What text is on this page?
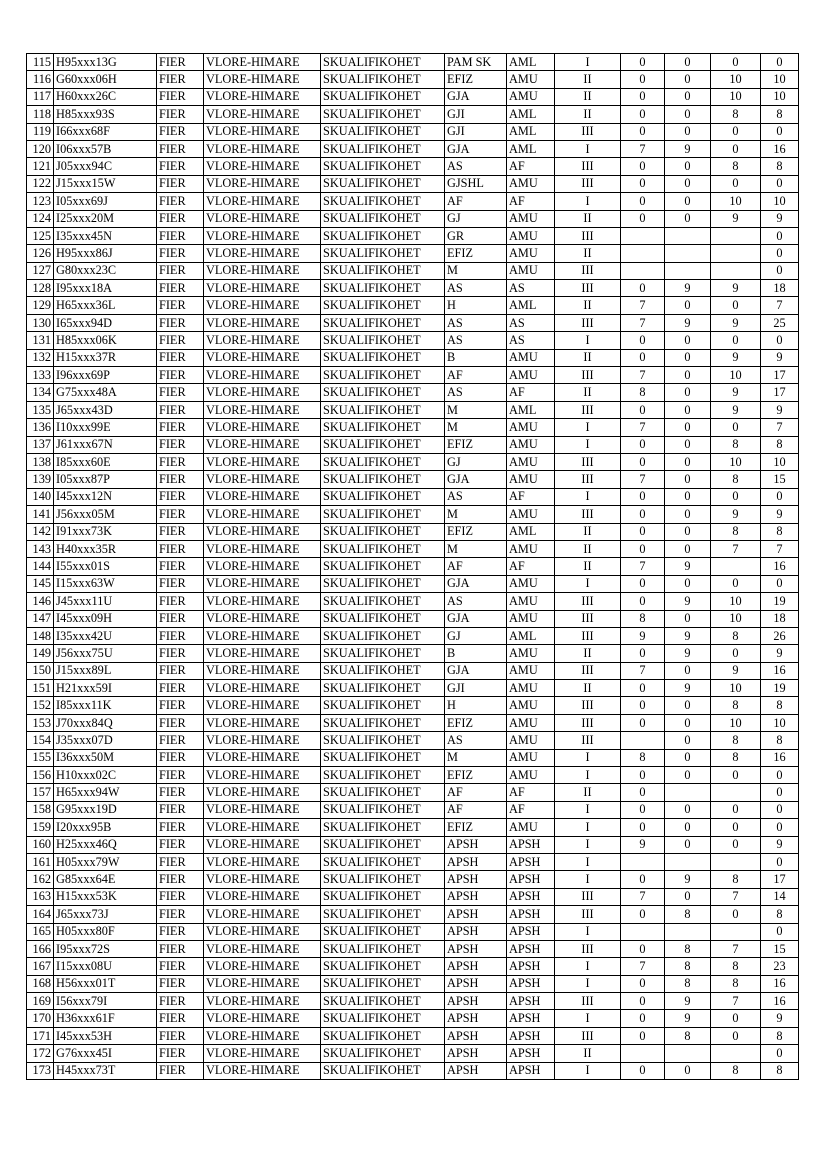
115	H95xxx13G	FIER	VLORE-HIMARE	SKUALIFIKOHET	PAM SK	AML	I	0	0	0	0
116	G60xxx06H	FIER	VLORE-HIMARE	SKUALIFIKOHET	EFIZ	AMU	II	0	0	10	10
117	H60xxx26C	FIER	VLORE-HIMARE	SKUALIFIKOHET	GJA	AMU	II	0	0	10	10
118	H85xxx93S	FIER	VLORE-HIMARE	SKUALIFIKOHET	GJI	AML	II	0	0	8	8
119	I66xxx68F	FIER	VLORE-HIMARE	SKUALIFIKOHET	GJI	AML	III	0	0	0	0
120	I06xxx57B	FIER	VLORE-HIMARE	SKUALIFIKOHET	GJA	AML	I	7	9	0	16
121	J05xxx94C	FIER	VLORE-HIMARE	SKUALIFIKOHET	AS	AF	III	0	0	8	8
122	J15xxx15W	FIER	VLORE-HIMARE	SKUALIFIKOHET	GJSHL	AMU	III	0	0	0	0
123	I05xxx69J	FIER	VLORE-HIMARE	SKUALIFIKOHET	AF	AF	I	0	0	10	10
124	I25xxx20M	FIER	VLORE-HIMARE	SKUALIFIKOHET	GJ	AMU	II	0	0	9	9
125	I35xxx45N	FIER	VLORE-HIMARE	SKUALIFIKOHET	GR	AMU	III				0
126	H95xxx86J	FIER	VLORE-HIMARE	SKUALIFIKOHET	EFIZ	AMU	II				0
127	G80xxx23C	FIER	VLORE-HIMARE	SKUALIFIKOHET	M	AMU	III				0
128	I95xxx18A	FIER	VLORE-HIMARE	SKUALIFIKOHET	AS	AS	III	0	9	9	18
129	H65xxx36L	FIER	VLORE-HIMARE	SKUALIFIKOHET	H	AML	II	7	0	0	7
130	I65xxx94D	FIER	VLORE-HIMARE	SKUALIFIKOHET	AS	AS	III	7	9	9	25
131	H85xxx06K	FIER	VLORE-HIMARE	SKUALIFIKOHET	AS	AS	I	0	0	0	0
132	H15xxx37R	FIER	VLORE-HIMARE	SKUALIFIKOHET	B	AMU	II	0	0	9	9
133	I96xxx69P	FIER	VLORE-HIMARE	SKUALIFIKOHET	AF	AMU	III	7	0	10	17
134	G75xxx48A	FIER	VLORE-HIMARE	SKUALIFIKOHET	AS	AF	II	8	0	9	17
135	J65xxx43D	FIER	VLORE-HIMARE	SKUALIFIKOHET	M	AML	III	0	0	9	9
136	I10xxx99E	FIER	VLORE-HIMARE	SKUALIFIKOHET	M	AMU	I	7	0	0	7
137	J61xxx67N	FIER	VLORE-HIMARE	SKUALIFIKOHET	EFIZ	AMU	I	0	0	8	8
138	I85xxx60E	FIER	VLORE-HIMARE	SKUALIFIKOHET	GJ	AMU	III	0	0	10	10
139	I05xxx87P	FIER	VLORE-HIMARE	SKUALIFIKOHET	GJA	AMU	III	7	0	8	15
140	I45xxx12N	FIER	VLORE-HIMARE	SKUALIFIKOHET	AS	AF	I	0	0	0	0
141	J56xxx05M	FIER	VLORE-HIMARE	SKUALIFIKOHET	M	AMU	III	0	0	9	9
142	I91xxx73K	FIER	VLORE-HIMARE	SKUALIFIKOHET	EFIZ	AML	II	0	0	8	8
143	H40xxx35R	FIER	VLORE-HIMARE	SKUALIFIKOHET	M	AMU	II	0	0	7	7
144	I55xxx01S	FIER	VLORE-HIMARE	SKUALIFIKOHET	AF	AF	II	7	9		16
145	I15xxx63W	FIER	VLORE-HIMARE	SKUALIFIKOHET	GJA	AMU	I	0	0	0	0
146	J45xxx11U	FIER	VLORE-HIMARE	SKUALIFIKOHET	AS	AMU	III	0	9	10	19
147	I45xxx09H	FIER	VLORE-HIMARE	SKUALIFIKOHET	GJA	AMU	III	8	0	10	18
148	I35xxx42U	FIER	VLORE-HIMARE	SKUALIFIKOHET	GJ	AML	III	9	9	8	26
149	J56xxx75U	FIER	VLORE-HIMARE	SKUALIFIKOHET	B	AMU	II	0	9	0	9
150	J15xxx89L	FIER	VLORE-HIMARE	SKUALIFIKOHET	GJA	AMU	III	7	0	9	16
151	H21xxx59I	FIER	VLORE-HIMARE	SKUALIFIKOHET	GJI	AMU	II	0	9	10	19
152	I85xxx11K	FIER	VLORE-HIMARE	SKUALIFIKOHET	H	AMU	III	0	0	8	8
153	J70xxx84Q	FIER	VLORE-HIMARE	SKUALIFIKOHET	EFIZ	AMU	III	0	0	10	10
154	J35xxx07D	FIER	VLORE-HIMARE	SKUALIFIKOHET	AS	AMU	III		0	8	8
155	I36xxx50M	FIER	VLORE-HIMARE	SKUALIFIKOHET	M	AMU	I	8	0	8	16
156	H10xxx02C	FIER	VLORE-HIMARE	SKUALIFIKOHET	EFIZ	AMU	I	0	0	0	0
157	H65xxx94W	FIER	VLORE-HIMARE	SKUALIFIKOHET	AF	AF	II	0			0
158	G95xxx19D	FIER	VLORE-HIMARE	SKUALIFIKOHET	AF	AF	I	0	0	0	0
159	I20xxx95B	FIER	VLORE-HIMARE	SKUALIFIKOHET	EFIZ	AMU	I	0	0	0	0
160	H25xxx46Q	FIER	VLORE-HIMARE	SKUALIFIKOHET	APSH	APSH	I	9	0	0	9
161	H05xxx79W	FIER	VLORE-HIMARE	SKUALIFIKOHET	APSH	APSH	I				0
162	G85xxx64E	FIER	VLORE-HIMARE	SKUALIFIKOHET	APSH	APSH	I	0	9	8	17
163	H15xxx53K	FIER	VLORE-HIMARE	SKUALIFIKOHET	APSH	APSH	III	7	0	7	14
164	J65xxx73J	FIER	VLORE-HIMARE	SKUALIFIKOHET	APSH	APSH	III	0	8	0	8
165	H05xxx80F	FIER	VLORE-HIMARE	SKUALIFIKOHET	APSH	APSH	I				0
166	I95xxx72S	FIER	VLORE-HIMARE	SKUALIFIKOHET	APSH	APSH	III	0	8	7	15
167	I15xxx08U	FIER	VLORE-HIMARE	SKUALIFIKOHET	APSH	APSH	I	7	8	8	23
168	H56xxx01T	FIER	VLORE-HIMARE	SKUALIFIKOHET	APSH	APSH	I	0	8	8	16
169	I56xxx79I	FIER	VLORE-HIMARE	SKUALIFIKOHET	APSH	APSH	III	0	9	7	16
170	H36xxx61F	FIER	VLORE-HIMARE	SKUALIFIKOHET	APSH	APSH	I	0	9	0	9
171	I45xxx53H	FIER	VLORE-HIMARE	SKUALIFIKOHET	APSH	APSH	III	0	8	0	8
172	G76xxx45I	FIER	VLORE-HIMARE	SKUALIFIKOHET	APSH	APSH	II				0
173	H45xxx73T	FIER	VLORE-HIMARE	SKUALIFIKOHET	APSH	APSH	I	0	0	8	8
